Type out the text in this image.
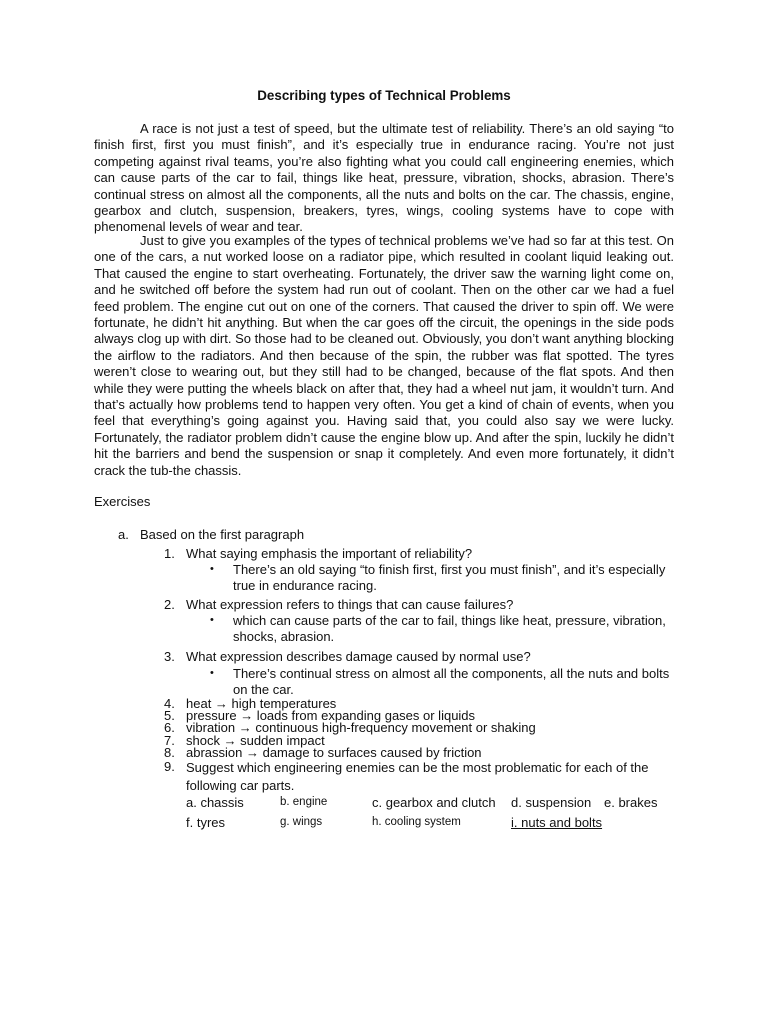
Describing types of Technical Problems

A race is not just a test of speed, but the ultimate test of reliability. There’s an old saying “to finish first, first you must finish”, and it’s especially true in endurance racing. You’re not just competing against rival teams, you’re also fighting what you could call engineering enemies, which can cause parts of the car to fail, things like heat, pressure, vibration, shocks, abrasion. There’s continual stress on almost all the components, all the nuts and bolts on the car. The chassis, engine, gearbox and clutch, suspension, breakers, tyres, wings, cooling systems have to cope with phenomenal levels of wear and tear.

Just to give you examples of the types of technical problems we’ve had so far at this test. On one of the cars, a nut worked loose on a radiator pipe, which resulted in coolant liquid leaking out. That caused the engine to start overheating. Fortunately, the driver saw the warning light come on, and he switched off before the system had run out of coolant. Then on the other car we had a fuel feed problem. The engine cut out on one of the corners. That caused the driver to spin off. We were fortunate, he didn’t hit anything. But when the car goes off the circuit, the openings in the side pods always clog up with dirt. So those had to be cleaned out. Obviously, you don’t want anything blocking the airflow to the radiators. And then because of the spin, the rubber was flat spotted. The tyres weren’t close to wearing out, but they still had to be changed, because of the flat spots. And then while they were putting the wheels black on after that, they had a wheel nut jam, it wouldn’t turn. And that’s actually how problems tend to happen very often. You get a kind of chain of events, when you feel that everything’s going against you. Having said that, you could also say we were lucky. Fortunately, the radiator problem didn’t cause the engine blow up. And after the spin, luckily he didn’t hit the barriers and bend the suspension or snap it completely. And even more fortunately, it didn’t crack the tub-the chassis.

Exercises
a. Based on the first paragraph
1. What saying emphasis the important of reliability?
• There’s an old saying “to finish first, first you must finish”, and it’s especially true in endurance racing.
2. What expression refers to things that can cause failures?
• which can cause parts of the car to fail, things like heat, pressure, vibration, shocks, abrasion.
3. What expression describes damage caused by normal use?
• There’s continual stress on almost all the components, all the nuts and bolts on the car.
4. heat → high temperatures
5. pressure → loads from expanding gases or liquids
6. vibration → continuous high-frequency movement or shaking
7. shock → sudden impact
8. abrassion → damage to surfaces caused by friction
9. Suggest which engineering enemies can be the most problematic for each of the following car parts.
a. chassis	b. engine	c. gearbox and clutch d. suspension e. brakes
f. tyres	g. wings	h. cooling system	i. nuts and bolts
